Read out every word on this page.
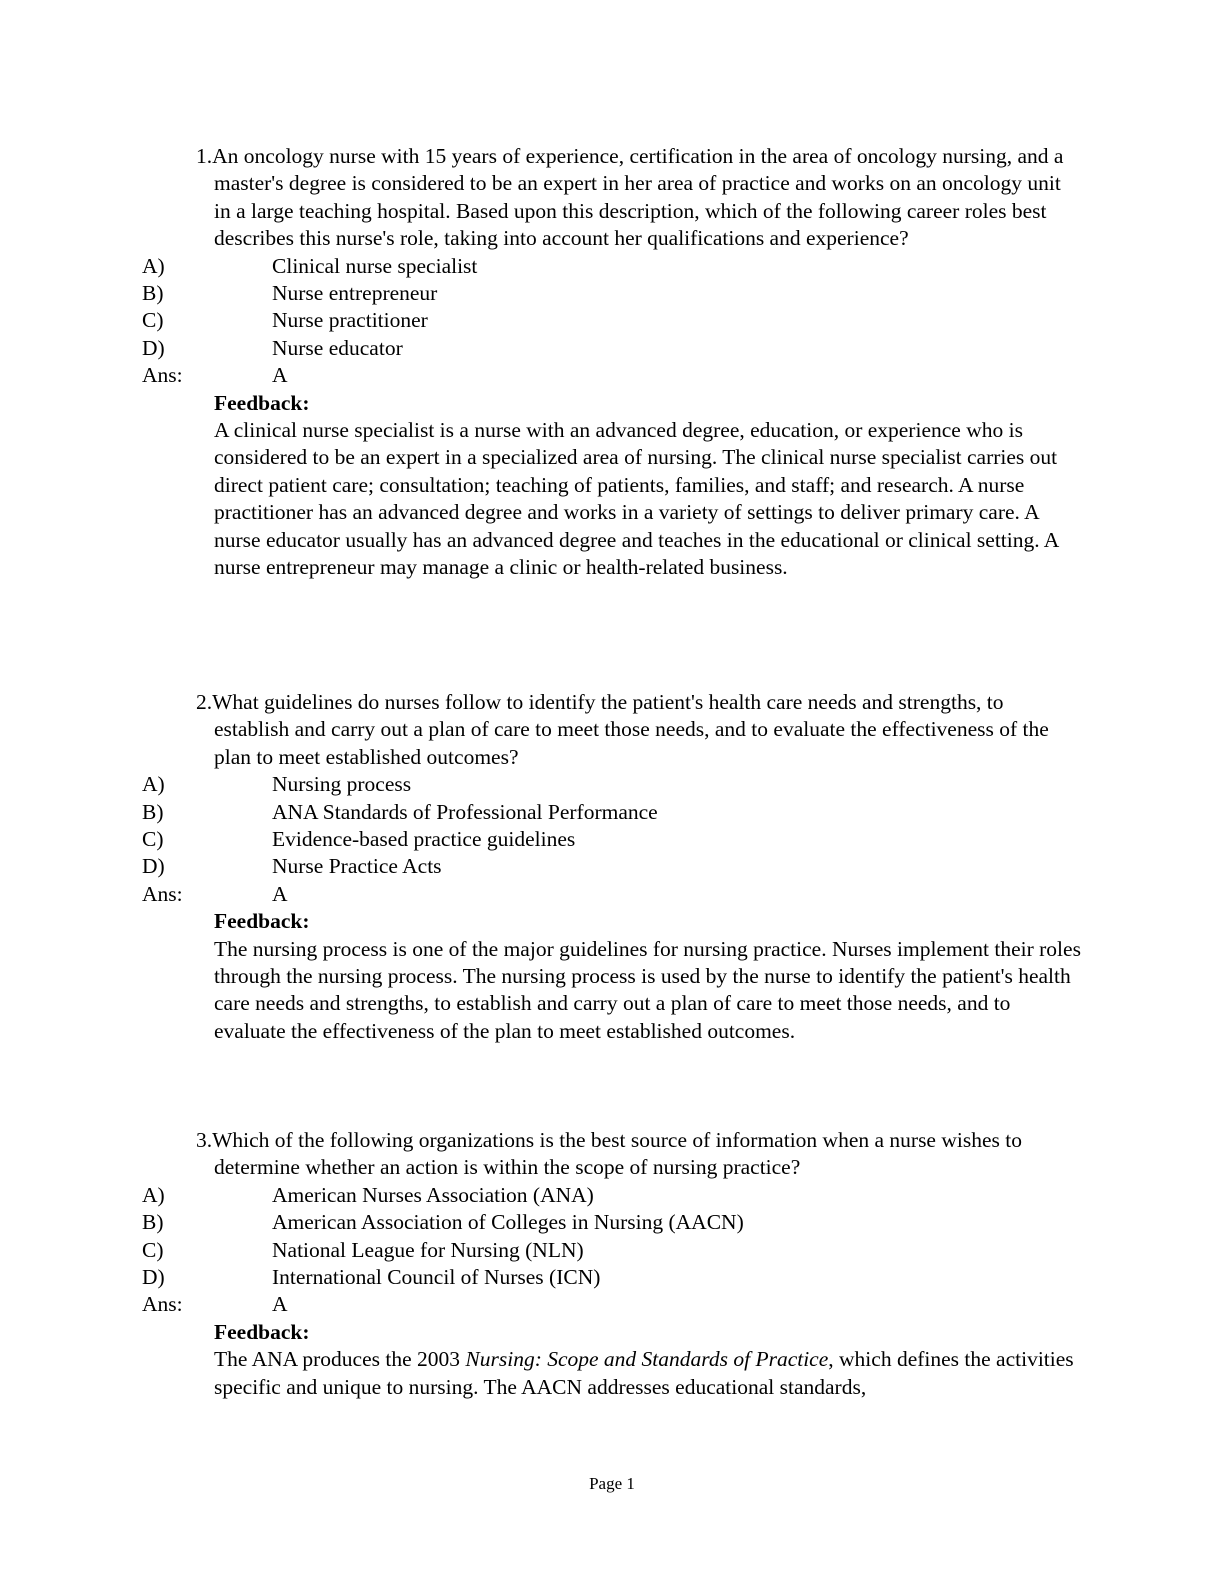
1.An oncology nurse with 15 years of experience, certification in the area of oncology nursing, and a master's degree is considered to be an expert in her area of practice and works on an oncology unit in a large teaching hospital. Based upon this description, which of the following career roles best describes this nurse's role, taking into account her qualifications and experience?
A)	Clinical nurse specialist
B)	Nurse entrepreneur
C)	Nurse practitioner
D)	Nurse educator
Ans:	A
Feedback:
A clinical nurse specialist is a nurse with an advanced degree, education, or experience who is considered to be an expert in a specialized area of nursing. The clinical nurse specialist carries out direct patient care; consultation; teaching of patients, families, and staff; and research. A nurse practitioner has an advanced degree and works in a variety of settings to deliver primary care. A nurse educator usually has an advanced degree and teaches in the educational or clinical setting. A nurse entrepreneur may manage a clinic or health-related business.
2.What guidelines do nurses follow to identify the patient's health care needs and strengths, to establish and carry out a plan of care to meet those needs, and to evaluate the effectiveness of the plan to meet established outcomes?
A)	Nursing process
B)	ANA Standards of Professional Performance
C)	Evidence-based practice guidelines
D)	Nurse Practice Acts
Ans:	A
Feedback:
The nursing process is one of the major guidelines for nursing practice. Nurses implement their roles through the nursing process. The nursing process is used by the nurse to identify the patient's health care needs and strengths, to establish and carry out a plan of care to meet those needs, and to evaluate the effectiveness of the plan to meet established outcomes.
3.Which of the following organizations is the best source of information when a nurse wishes to determine whether an action is within the scope of nursing practice?
A)	American Nurses Association (ANA)
B)	American Association of Colleges in Nursing (AACN)
C)	National League for Nursing (NLN)
D)	International Council of Nurses (ICN)
Ans:	A
Feedback:
The ANA produces the 2003 Nursing: Scope and Standards of Practice, which defines the activities specific and unique to nursing. The AACN addresses educational standards,
Page 1
